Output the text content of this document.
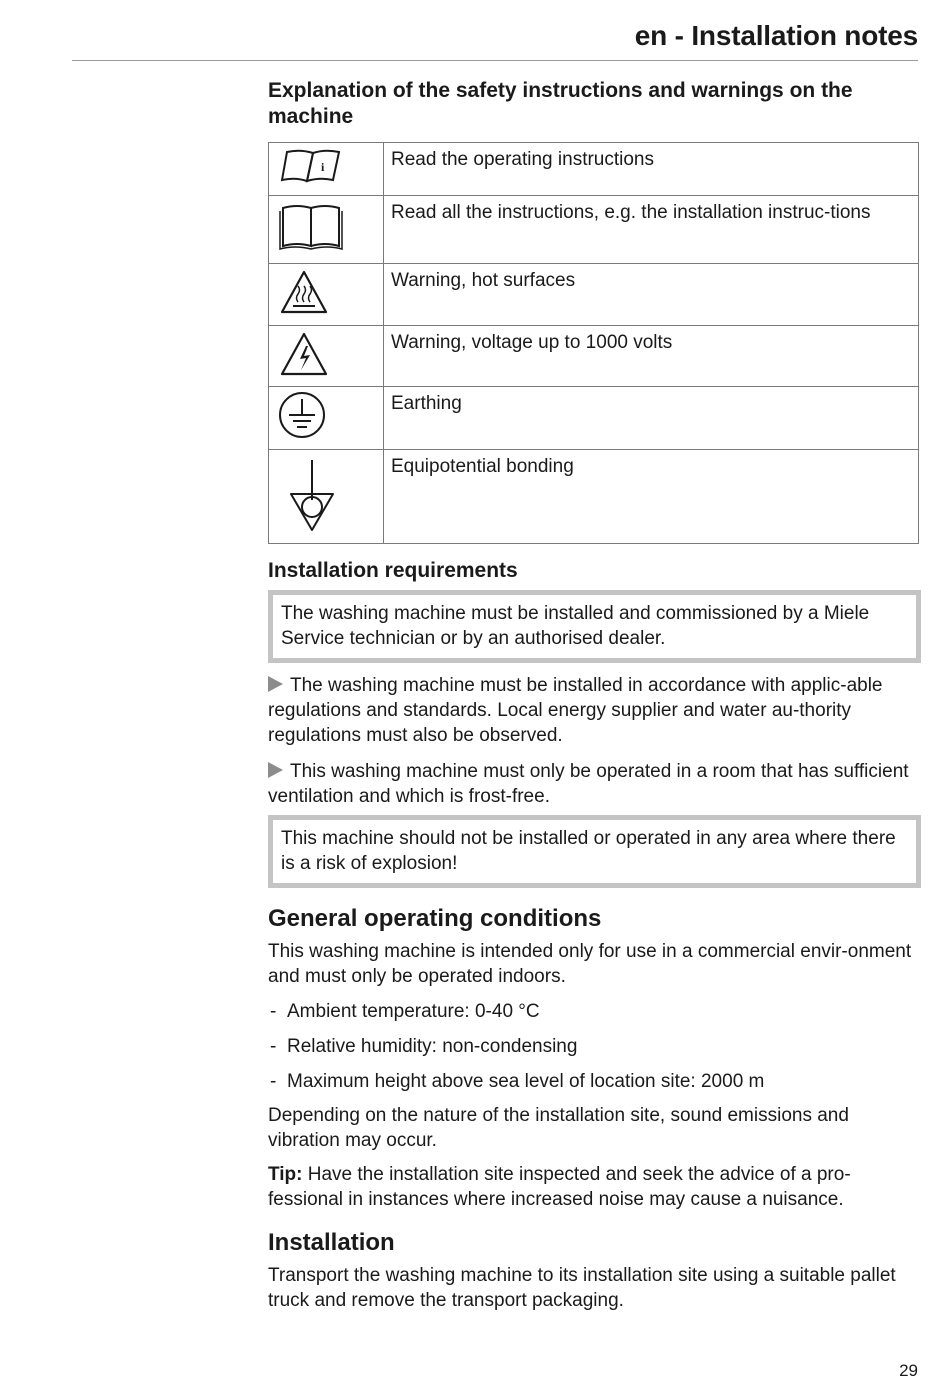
en - Installation notes
Explanation of the safety instructions and warnings on the machine
i	Read the operating instructions

	Read all the instructions, e.g. the installation instruc-tions

	Warning, hot surfaces

	Warning, voltage up to 1000 volts

	Earthing

	Equipotential bonding
Installation requirements
The washing machine must be installed and commissioned by a Miele Service technician or by an authorised dealer.

The washing machine must be installed in accordance with applic-able regulations and standards. Local energy supplier and water au-thority regulations must also be observed.

This washing machine must only be operated in a room that has sufficient ventilation and which is frost-free.

This machine should not be installed or operated in any area where there is a risk of explosion!
General operating conditions

This washing machine is intended only for use in a commercial envir-onment and must only be operated indoors.

- Ambient temperature: 0-40 °C
- Relative humidity: non-condensing
- Maximum height above sea level of location site: 2000 m

Depending on the nature of the installation site, sound emissions and vibration may occur.

Tip: Have the installation site inspected and seek the advice of a pro-fessional in instances where increased noise may cause a nuisance.

Installation

Transport the washing machine to its installation site using a suitable pallet truck and remove the transport packaging.

29
